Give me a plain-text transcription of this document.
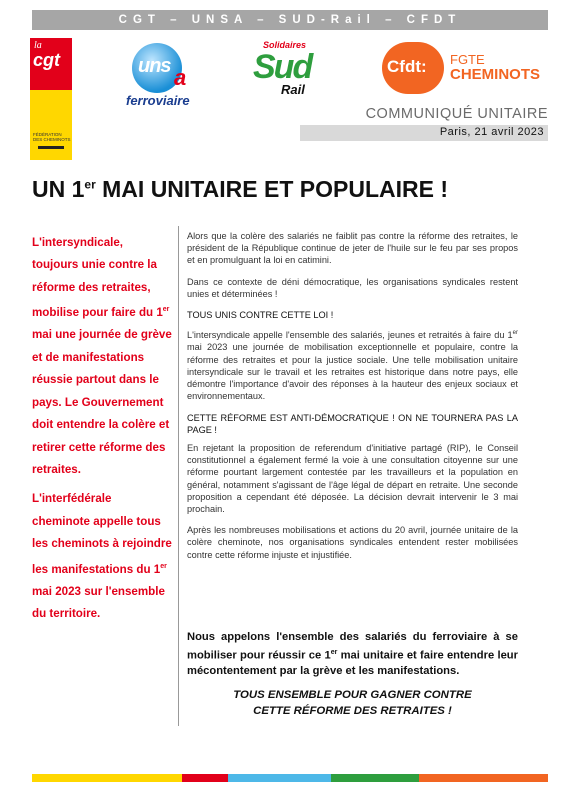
CGT – UNSA – SUD-Rail – CFDT
la
cgt
FÉDÉRATION DES CHEMINOTS
uns a
ferroviaire
Solidaires
Sud
Rail
Cfdt: FGTE
CHEMINOTS
COMMUNIQUÉ UNITAIRE
Paris, 21 avril 2023
UN 1er MAI UNITAIRE ET POPULAIRE !

L'intersyndicale, toujours unie contre la réforme des retraites, mobilise pour faire du 1er mai une journée de grève et de manifestations réussie partout dans le pays. Le Gouvernement doit entendre la colère et retirer cette réforme des retraites.

L'interfédérale cheminote appelle tous les cheminots à rejoindre les manifestations du 1er mai 2023 sur l'ensemble du territoire.

Alors que la colère des salariés ne faiblit pas contre la réforme des retraites, le président de la République continue de jeter de l'huile sur le feu par ses propos et en promulguant la loi en catimini.

Dans ce contexte de déni démocratique, les organisations syndicales restent unies et déterminées !

TOUS UNIS CONTRE CETTE LOI !

L'intersyndicale appelle l'ensemble des salariés, jeunes et retraités à faire du 1er mai 2023 une journée de mobilisation exceptionnelle et populaire, contre la réforme des retraites et pour la justice sociale. Une telle mobilisation unitaire intersyndicale sur le travail et les retraites est historique dans notre pays, elle démontre l'importance d'avoir des réponses à la hauteur des enjeux sociaux et environnementaux.

CETTE RÉFORME EST ANTI-DÉMOCRATIQUE ! ON NE TOURNERA PAS LA PAGE !

En rejetant la proposition de referendum d'initiative partagé (RIP), le Conseil constitutionnel a également fermé la voie à une consultation citoyenne sur une réforme pourtant largement contestée par les travailleurs et la population en général, notamment s'agissant de l'âge légal de départ en retraite. Une seconde proposition a cependant été déposée. La décision devrait intervenir le 3 mai prochain.

Après les nombreuses mobilisations et actions du 20 avril, journée unitaire de la colère cheminote, nos organisations syndicales entendent rester mobilisées contre cette réforme injuste et injustifiée.

Nous appelons l'ensemble des salariés du ferroviaire à se mobiliser pour réussir ce 1er mai unitaire et faire entendre leur mécontentement par la grève et les manifestations.
TOUS ENSEMBLE POUR GAGNER CONTRE
CETTE RÉFORME DES RETRAITES !
